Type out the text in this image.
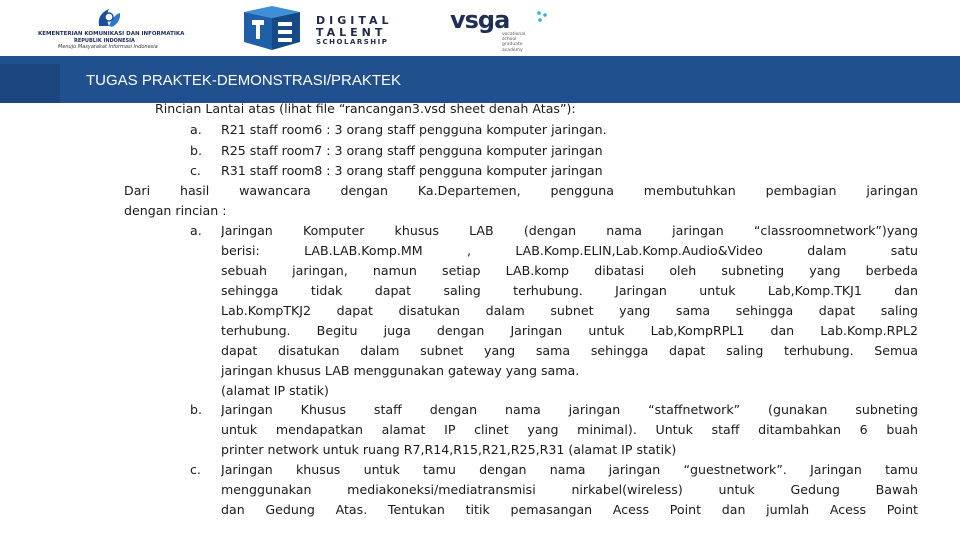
KEMENTERIAN KOMUNIKASI DAN INFORMATIKA
REPUBLIK INDONESIA
Menuju Masyarakat Informasi Indonesia
DIGITAL
TALENT
SCHOLARSHIP
vsga
vocational
school
graduate
academy
TUGAS PRAKTEK-DEMONSTRASI/PRAKTEK
Rincian Lantai atas (lihat file “rancangan3.vsd sheet denah Atas”):
a. R21 staff room6 : 3 orang staff pengguna komputer jaringan.
b. R25 staff room7 : 3 orang staff pengguna komputer jaringan
c. R31 staff room8 : 3 orang staff pengguna komputer jaringan
Dari hasil wawancara dengan Ka.Departemen, pengguna membutuhkan pembagian jaringan
dengan rincian :
a. Jaringan Komputer khusus LAB (dengan nama jaringan “classroomnetwork”)yang
berisi: LAB.LAB.Komp.MM , LAB.Komp.ELIN,Lab.Komp.Audio&Video dalam satu
sebuah jaringan, namun setiap LAB.komp dibatasi oleh subneting yang berbeda
sehingga tidak dapat saling terhubung. Jaringan untuk Lab,Komp.TKJ1 dan
Lab.KompTKJ2 dapat disatukan dalam subnet yang sama sehingga dapat saling
terhubung. Begitu juga dengan Jaringan untuk Lab,KompRPL1 dan Lab.Komp.RPL2
dapat disatukan dalam subnet yang sama sehingga dapat saling terhubung. Semua
jaringan khusus LAB menggunakan gateway yang sama.
(alamat IP statik)
b. Jaringan Khusus staff dengan nama jaringan “staffnetwork” (gunakan subneting
untuk mendapatkan alamat IP clinet yang minimal). Untuk staff ditambahkan 6 buah
printer network untuk ruang R7,R14,R15,R21,R25,R31 (alamat IP statik)
c. Jaringan khusus untuk tamu dengan nama jaringan “guestnetwork”. Jaringan tamu
menggunakan mediakoneksi/mediatransmisi nirkabel(wireless) untuk Gedung Bawah
dan Gedung Atas. Tentukan titik pemasangan Acess Point dan jumlah Acess Point
